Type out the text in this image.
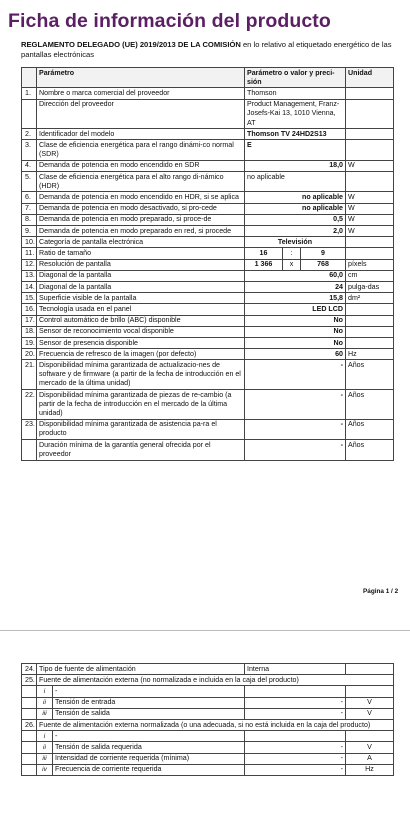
Ficha de información del producto
REGLAMENTO DELEGADO (UE) 2019/2013 DE LA COMISIÓN en lo relativo al etiquetado energético de las pantallas electrónicas
	Parámetro	Parámetro o valor y preci-sión			Unidad
1.	Nombre o marca comercial del proveedor	Thomson			
	Dirección del proveedor	Product Management, Franz-Josefs-Kai 13, 1010 Vienna, AT			
2.	Identificador del modelo	Thomson TV 24HD2S13			
3.	Clase de eficiencia energética para el rango dinámi-co normal (SDR)	E			
4.	Demanda de potencia en modo encendido en SDR	18,0			W
5.	Clase de eficiencia energética para el alto rango di-námico (HDR)	no aplicable			
6.	Demanda de potencia en modo encendido en HDR, si se aplica	no aplicable			W
7.	Demanda de potencia en modo desactivado, si pro-cede	no aplicable			W
8.	Demanda de potencia en modo preparado, si proce-de	0,5			W
9.	Demanda de potencia en modo preparado en red, si procede	2,0			W
10.	Categoría de pantalla electrónica	Televisión			
11.	Ratio de tamaño	16	:	9	
12.	Resolución de pantalla	1 366	x	768	píxels
13.	Diagonal de la pantalla	60,0			cm
14.	Diagonal de la pantalla	24			pulga-das
15.	Superficie visible de la pantalla	15,8			dm²
16.	Tecnología usada en el panel	LED LCD			
17.	Control automático de brillo (ABC) disponible	No			
18.	Sensor de reconocimiento vocal disponible	No			
19.	Sensor de presencia disponible	No			
20.	Frecuencia de refresco de la imagen (por defecto)	60			Hz
21.	Disponibilidad mínima garantizada de actualizacio-nes de software y de firmware (a partir de la fecha de introducción en el mercado de la última unidad)	-			Años
22.	Disponibilidad mínima garantizada de piezas de re-cambio (a partir de la fecha de introducción en el mercado de la última unidad)	-			Años
23.	Disponibilidad mínima garantizada de asistencia pa-ra el producto	-			Años
	Duración mínima de la garantía general ofrecida por el proveedor	-			Años
Página 1 / 2
24.	Tipo de fuente de alimentación		Interna	
25.	Fuente de alimentación externa (no normalizada e incluida en la caja del producto)			
	i	-		
	ii	Tensión de entrada	-	V
	iii	Tensión de salida	-	V
26.	Fuente de alimentación externa normalizada (o una adecuada, si no está incluida en la caja del producto)			
	i	-		
	ii	Tensión de salida requerida	-	V
	iii	Intensidad de corriente requerida (mínima)	-	A
	iv	Frecuencia de corriente requerida	-	Hz
